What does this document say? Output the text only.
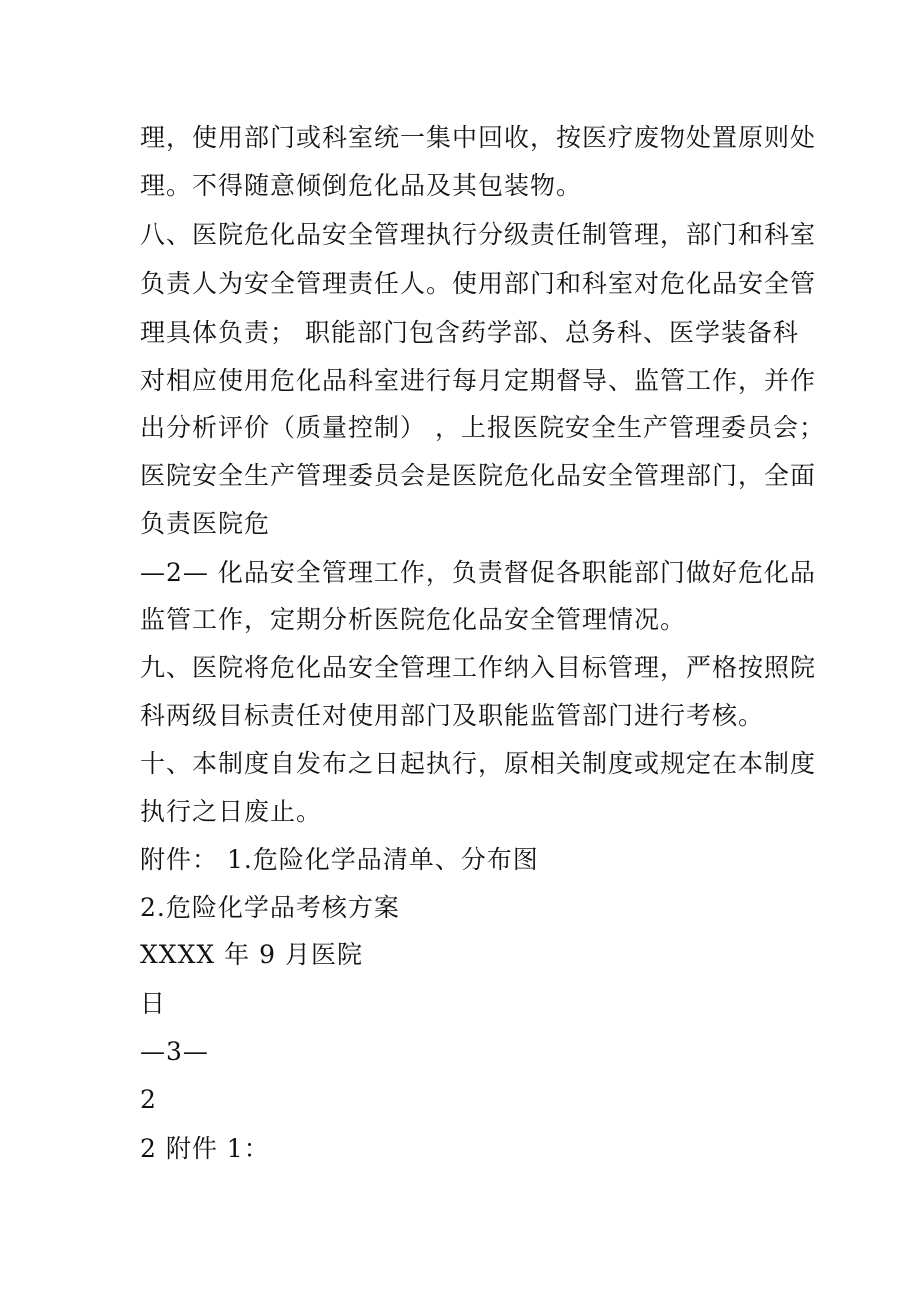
理，使用部门或科室统一集中回收，按医疗废物处置原则处
理。不得随意倾倒危化品及其包装物。
八、医院危化品安全管理执行分级责任制管理，部门和科室
负责人为安全管理责任人。使用部门和科室对危化品安全管
理具体负责； 职能部门包含药学部、总务科、医学装备科
对相应使用危化品科室进行每月定期督导、监管工作，并作
出分析评价（质量控制） ，上报医院安全生产管理委员会；
医院安全生产管理委员会是医院危化品安全管理部门，全面
负责医院危
—2— 化品安全管理工作，负责督促各职能部门做好危化品
监管工作，定期分析医院危化品安全管理情况。
九、医院将危化品安全管理工作纳入目标管理，严格按照院
科两级目标责任对使用部门及职能监管部门进行考核。
十、本制度自发布之日起执行，原相关制度或规定在本制度
执行之日废止。
附件： 1.危险化学品清单、分布图
2.危险化学品考核方案
XXXX 年 9 月医院
日
—3—
2
2 附件 1：
